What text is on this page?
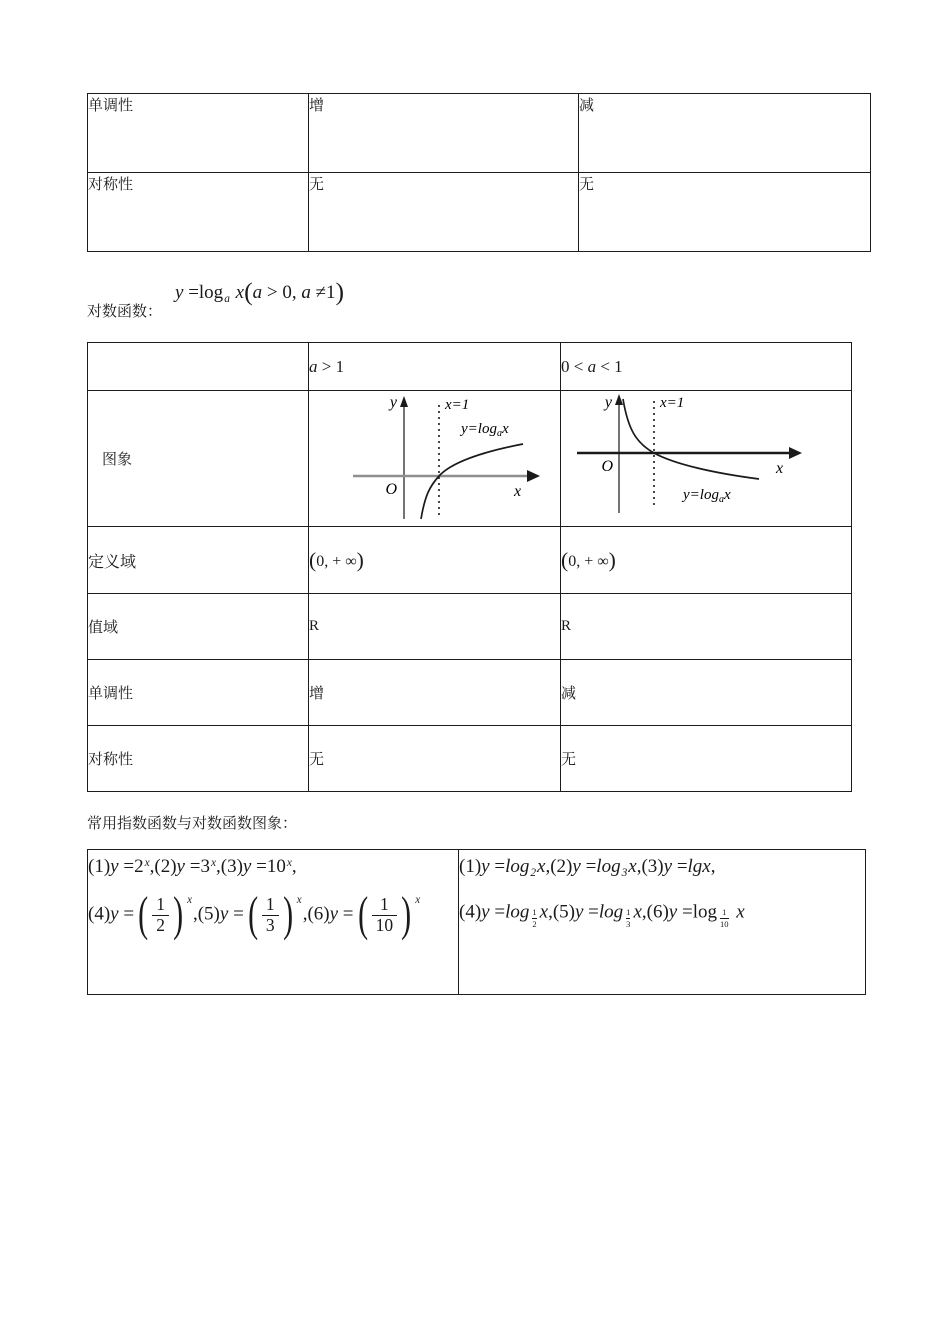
单调性	增	减
对称性	无	无
$y =\log_a$ x(a > 0, a ≠1)
对数函数：
	a > 1	0 < a < 1
图象	y x=1
O x
$y=\log_ax$	y x=1
O x
$y=\log_ax$

定义域	(0, + ∞)	(0, + ∞)
值域	R	R
单调性	增	减
对称性	无	无
常用指数函数与对数函数图象：
$(1)y =2^x,(2)y =3^x,(3)y =10^x$,
(4)y = ( $\frac{1}{2}$ ) x
,(5)y = ( $\frac{1}{3}$ ) x
,(6)y = ( $\frac{1}{10}$ ) x

$(1)y =\log_2x,(2)y =\log_3x,(3)y =\lg x$,
$(4)y =\log \frac{1}{2} x,(5)y =\log \frac{1}{3} x,(6)y =\log \frac{1}{10}$ x
